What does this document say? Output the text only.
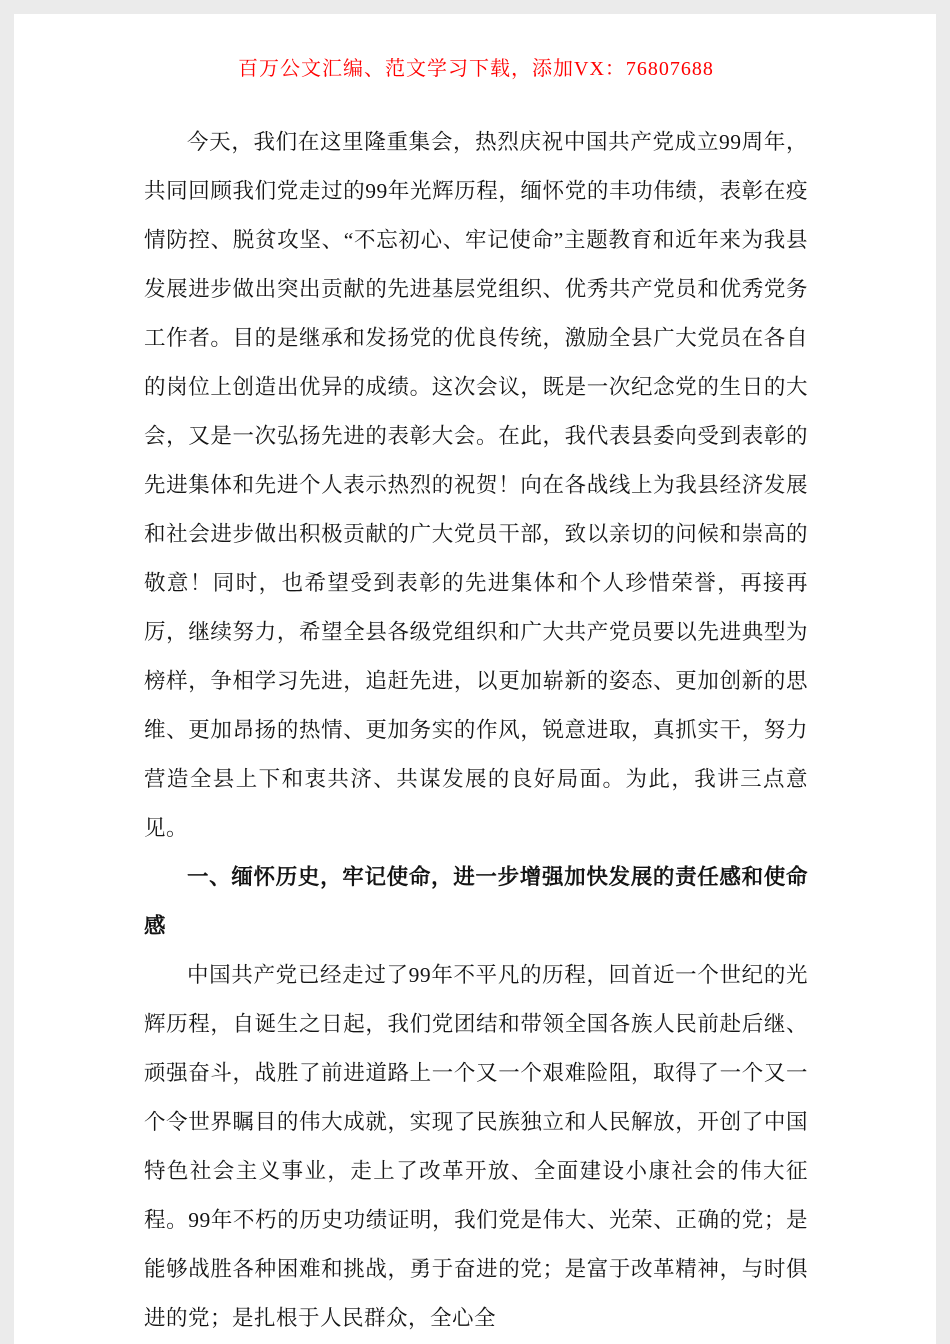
百万公文汇编、范文学习下载，添加VX：76807688

今天，我们在这里隆重集会，热烈庆祝中国共产党成立99周年，共同回顾我们党走过的99年光辉历程，缅怀党的丰功伟绩，表彰在疫情防控、脱贫攻坚、“不忘初心、牢记使命”主题教育和近年来为我县发展进步做出突出贡献的先进基层党组织、优秀共产党员和优秀党务工作者。目的是继承和发扬党的优良传统，激励全县广大党员在各自的岗位上创造出优异的成绩。这次会议，既是一次纪念党的生日的大会，又是一次弘扬先进的表彰大会。在此，我代表县委向受到表彰的先进集体和先进个人表示热烈的祝贺！向在各战线上为我县经济发展和社会进步做出积极贡献的广大党员干部，致以亲切的问候和崇高的敬意！同时，也希望受到表彰的先进集体和个人珍惜荣誉，再接再厉，继续努力，希望全县各级党组织和广大共产党员要以先进典型为榜样，争相学习先进，追赶先进，以更加崭新的姿态、更加创新的思维、更加昂扬的热情、更加务实的作风，锐意进取，真抓实干，努力营造全县上下和衷共济、共谋发展的良好局面。为此，我讲三点意见。

一、缅怀历史，牢记使命，进一步增强加快发展的责任感和使命感

中国共产党已经走过了99年不平凡的历程，回首近一个世纪的光辉历程，自诞生之日起，我们党团结和带领全国各族人民前赴后继、顽强奋斗，战胜了前进道路上一个又一个艰难险阻，取得了一个又一个令世界瞩目的伟大成就，实现了民族独立和人民解放，开创了中国特色社会主义事业，走上了改革开放、全面建设小康社会的伟大征程。99年不朽的历史功绩证明，我们党是伟大、光荣、正确的党；是能够战胜各种困难和挑战，勇于奋进的党；是富于改革精神，与时俱进的党；是扎根于人民群众，全心全
